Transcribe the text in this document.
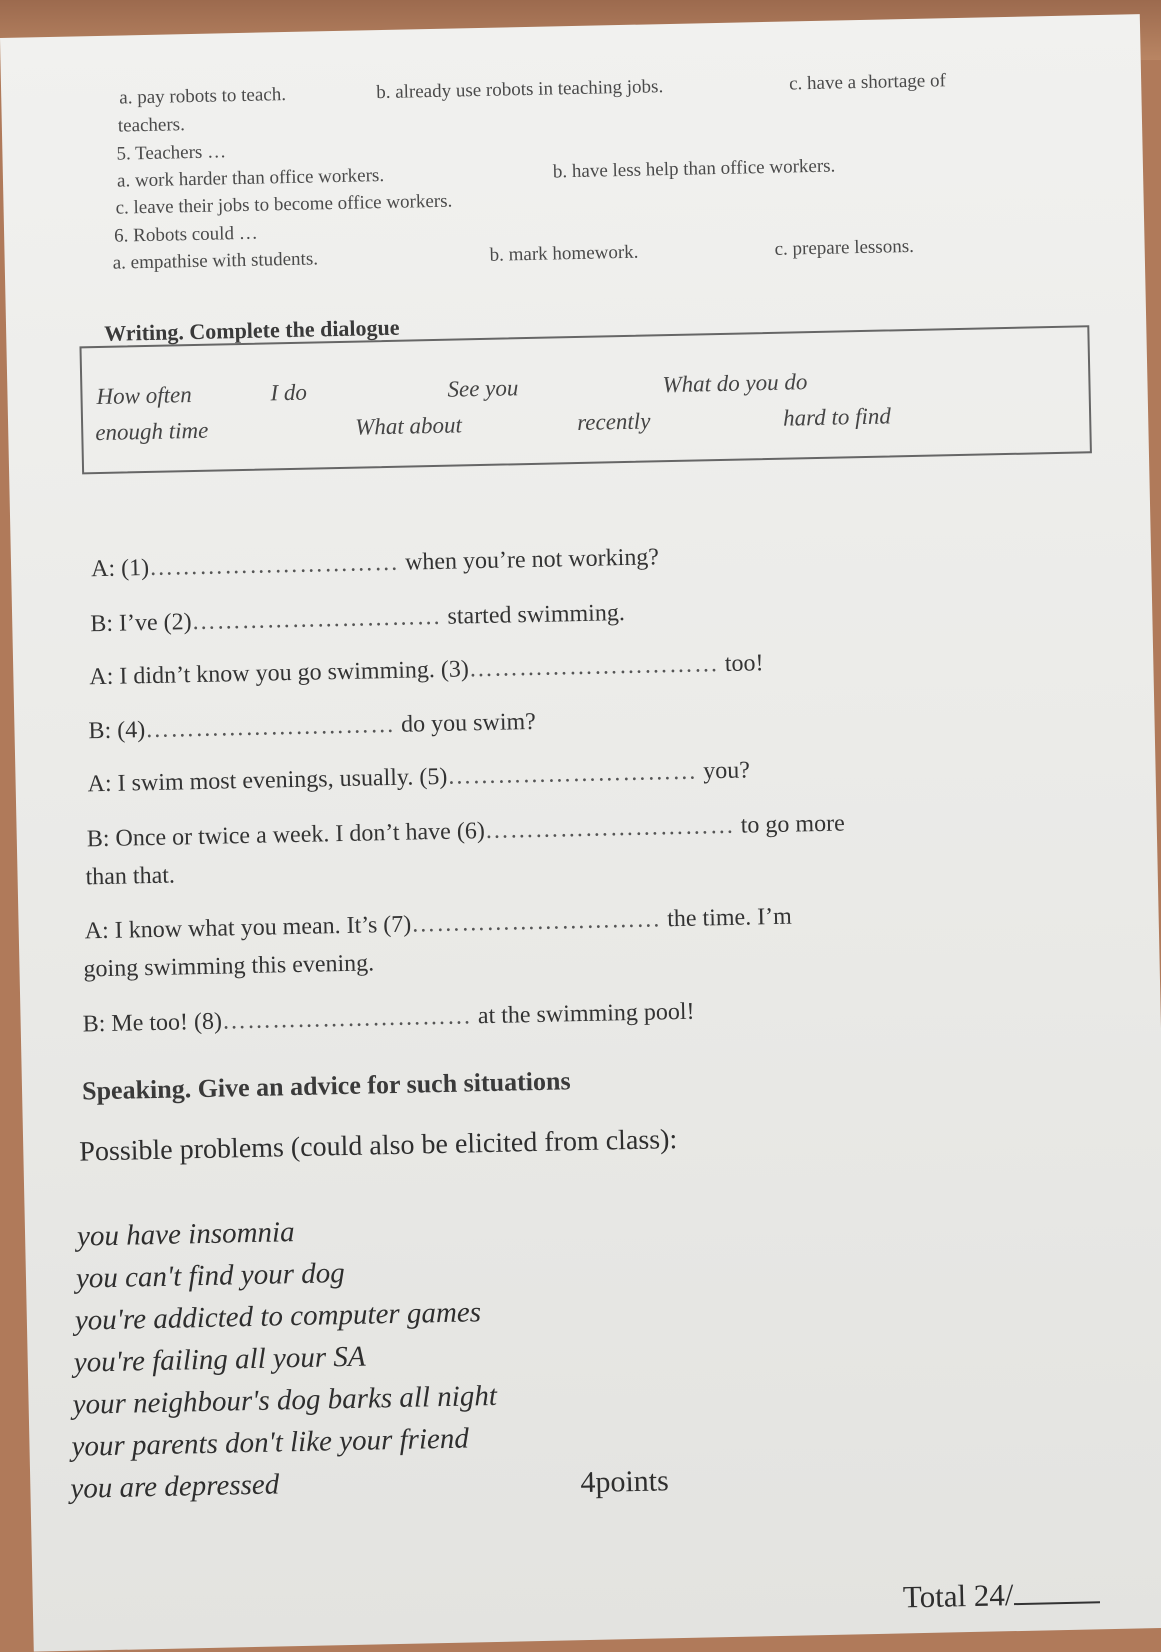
a. pay robots to teach.	b. already use robots in teaching jobs.	c. have a shortage of
teachers.
5. Teachers …
a. work harder than office workers.	b. have less help than office workers.
c. leave their jobs to become office workers.
6. Robots could …
a. empathise with students.	b. mark homework.	c. prepare lessons.
Writing. Complete the dialogue
How often	I do	See you	What do you do
enough time	What about	recently	hard to find
A: (1)………………………… when you’re not working?
B: I’ve (2)………………………… started swimming.
A: I didn’t know you go swimming. (3)………………………… too!
B: (4)………………………… do you swim?
A: I swim most evenings, usually. (5)………………………… you?
B: Once or twice a week. I don’t have (6)………………………… to go more
than that.
A: I know what you mean. It’s (7)………………………… the time. I’m
going swimming this evening.
B: Me too! (8)………………………… at the swimming pool!
Speaking. Give an advice for such situations
Possible problems (could also be elicited from class):
you have insomnia
you can't find your dog
you're addicted to computer games
you're failing all your SA
your neighbour's dog barks all night
your parents don't like your friend
you are depressed	4points
Total 24/
